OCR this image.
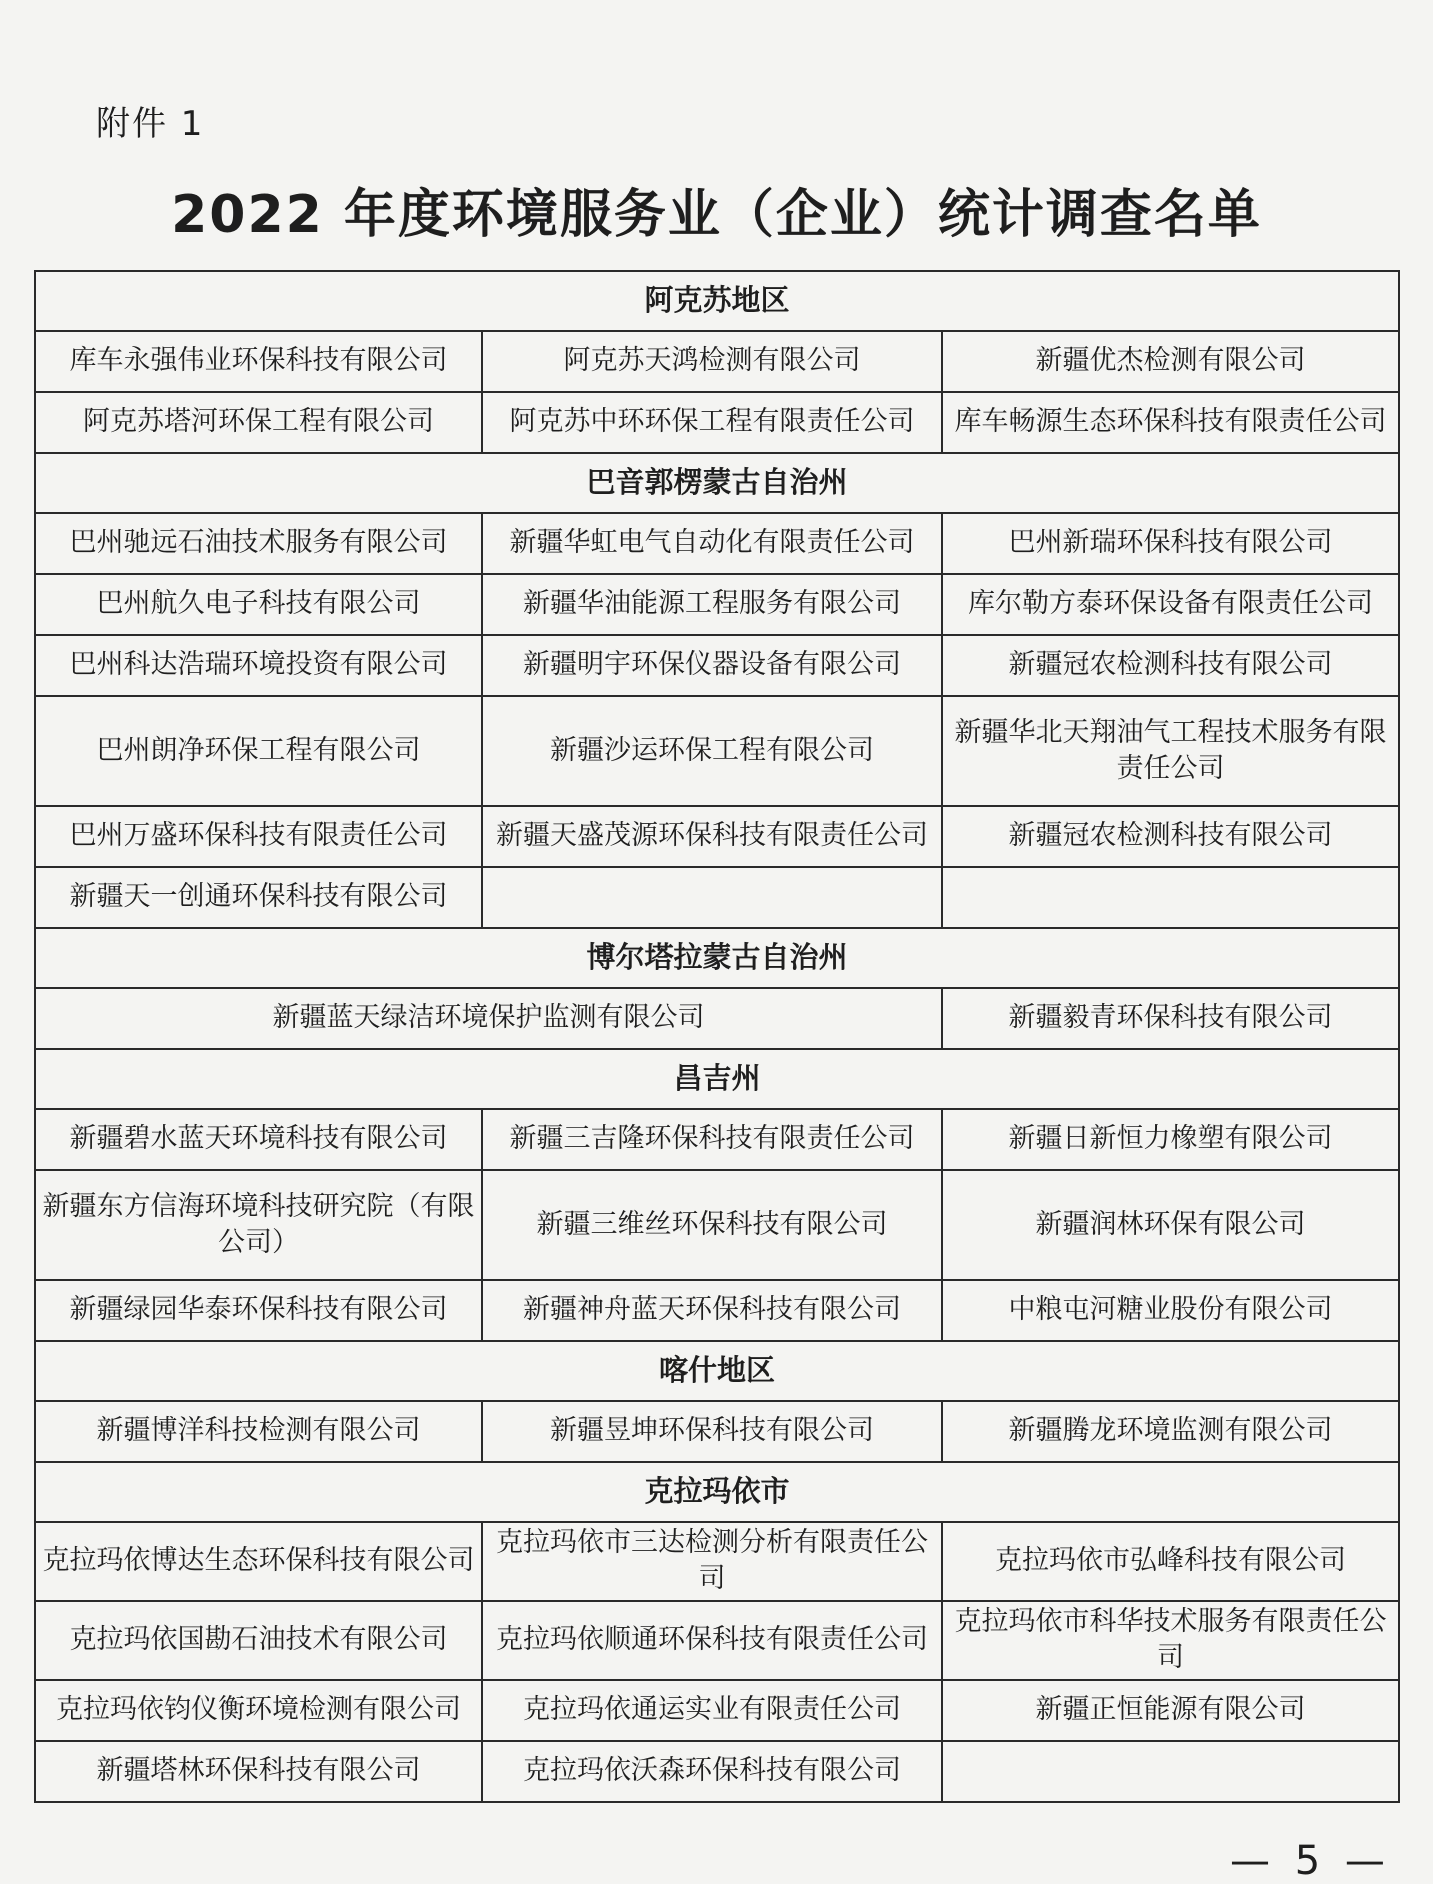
附件 1
2022 年度环境服务业（企业）统计调查名单
阿克苏地区		
库车永强伟业环保科技有限公司	阿克苏天鸿检测有限公司	新疆优杰检测有限公司
阿克苏塔河环保工程有限公司	阿克苏中环环保工程有限责任公司	库车畅源生态环保科技有限责任公司
巴音郭楞蒙古自治州		
巴州驰远石油技术服务有限公司	新疆华虹电气自动化有限责任公司	巴州新瑞环保科技有限公司
巴州航久电子科技有限公司	新疆华油能源工程服务有限公司	库尔勒方泰环保设备有限责任公司
巴州科达浩瑞环境投资有限公司	新疆明宇环保仪器设备有限公司	新疆冠农检测科技有限公司
巴州朗净环保工程有限公司	新疆沙运环保工程有限公司	新疆华北天翔油气工程技术服务有限责任公司
巴州万盛环保科技有限责任公司	新疆天盛茂源环保科技有限责任公司	新疆冠农检测科技有限公司
新疆天一创通环保科技有限公司		
博尔塔拉蒙古自治州		
新疆蓝天绿洁环境保护监测有限公司		新疆毅青环保科技有限公司
昌吉州		
新疆碧水蓝天环境科技有限公司	新疆三吉隆环保科技有限责任公司	新疆日新恒力橡塑有限公司
新疆东方信海环境科技研究院（有限公司）	新疆三维丝环保科技有限公司	新疆润林环保有限公司
新疆绿园华泰环保科技有限公司	新疆神舟蓝天环保科技有限公司	中粮屯河糖业股份有限公司
喀什地区		
新疆博洋科技检测有限公司	新疆昱坤环保科技有限公司	新疆腾龙环境监测有限公司
克拉玛依市		
克拉玛依博达生态环保科技有限公司	克拉玛依市三达检测分析有限责任公司	克拉玛依市弘峰科技有限公司
克拉玛依国勘石油技术有限公司	克拉玛依顺通环保科技有限责任公司	克拉玛依市科华技术服务有限责任公司
克拉玛依钧仪衡环境检测有限公司	克拉玛依通运实业有限责任公司	新疆正恒能源有限公司
新疆塔林环保科技有限公司	克拉玛依沃森环保科技有限公司	
— 5 —
